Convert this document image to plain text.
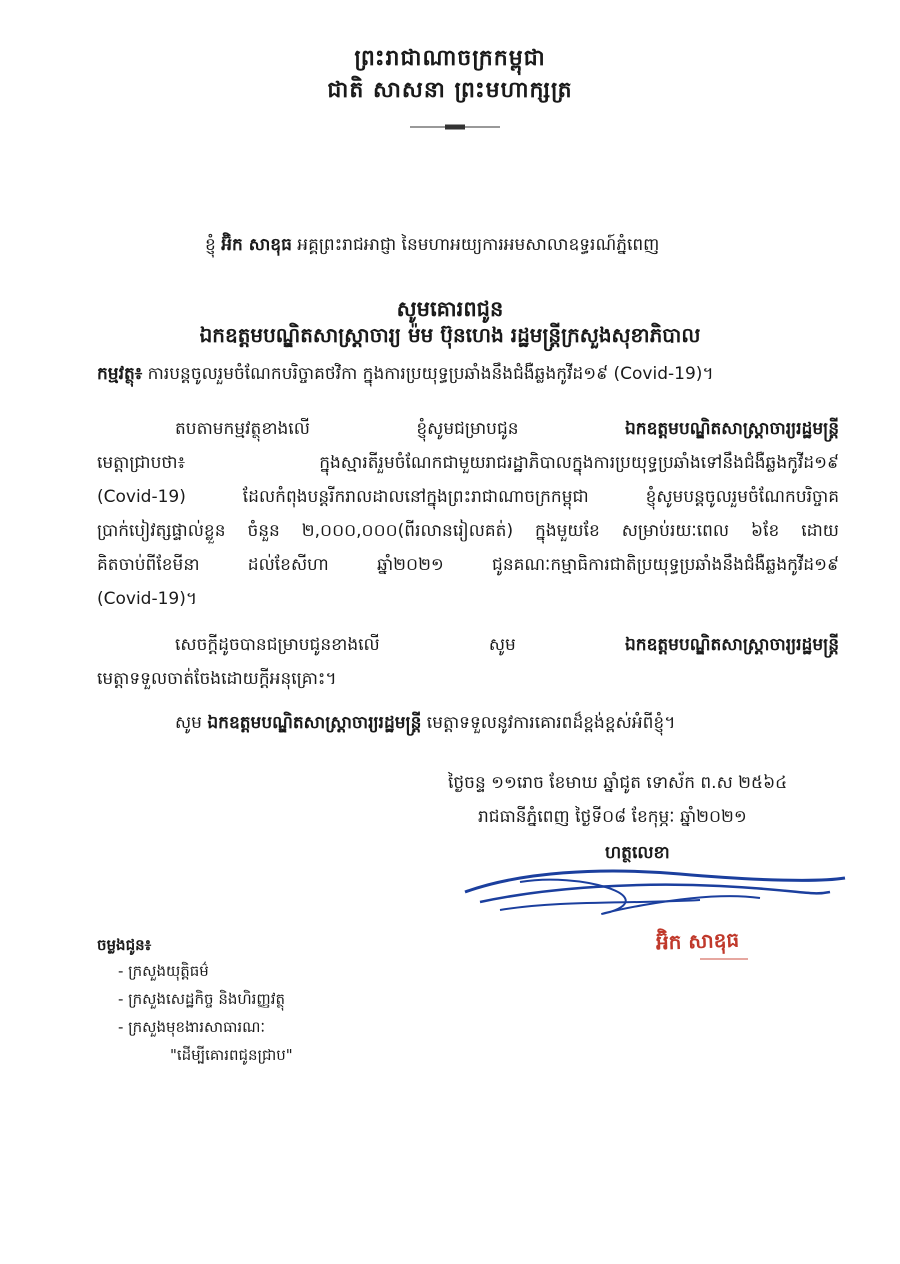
ព្រះរាជាណាចក្រកម្ពុជា
ជាតិ សាសនា ព្រះមហាក្សត្រ
ខ្ញុំ អ៊ិក សាឧុធ អគ្គព្រះរាជអាជ្ញា នៃមហាអយ្យការអមសាលាឧទ្ធរណ៍ភ្នំពេញ
សូមគោរពជូន
ឯកឧត្តមបណ្ឌិតសាស្ត្រាចារ្យ ម៉ម ប៊ុនហេង រដ្ឋមន្ត្រីក្រសួងសុខាភិបាល
កម្មវត្ថុ៖ ការបន្តចូលរួមចំណែកបរិច្ចាគថវិកា ក្នុងការប្រយុទ្ធប្រឆាំងនឹងជំងឺឆ្លងកូវីដ១៩ (Covid-19)។
តបតាមកម្មវត្ថុខាងលើ ខ្ញុំសូមជម្រាបជូន	ឯកឧត្តមបណ្ឌិតសាស្ត្រាចារ្យរដ្ឋមន្ត្រី
មេត្តាជ្រាបថា៖ ក្នុងស្មារតីរួមចំណែកជាមួយរាជរដ្ឋាភិបាលក្នុងការប្រយុទ្ធប្រឆាំងទៅនឹងជំងឺឆ្លងកូវីដ១៩
(Covid-19) ដែលកំពុងបន្តរីករាលដាលនៅក្នុងព្រះរាជាណាចក្រកម្ពុជា ខ្ញុំសូមបន្តចូលរួមចំណែកបរិច្ចាគ
ប្រាក់បៀវត្សផ្ទាល់ខ្លួន ចំនួន ២,០០០,០០០(ពីរលានរៀលគត់) ក្នុងមួយខែ សម្រាប់រយៈពេល ៦ខែ ដោយ
គិតចាប់ពីខែមីនា ដល់ខែសីហា ឆ្នាំ២០២១ ជូនគណៈកម្មាធិការជាតិប្រយុទ្ធប្រឆាំងនឹងជំងឺឆ្លងកូវីដ១៩
(Covid-19)។
សេចក្តីដូចបានជម្រាបជូនខាងលើ សូម	ឯកឧត្តមបណ្ឌិតសាស្ត្រាចារ្យរដ្ឋមន្ត្រី
មេត្តាទទួលចាត់ចែងដោយក្តីអនុគ្រោះ។
សូម ឯកឧត្តមបណ្ឌិតសាស្ត្រាចារ្យរដ្ឋមន្ត្រី មេត្តាទទួលនូវការគោរពដ៏ខ្ពង់ខ្ពស់អំពីខ្ញុំ។
ថ្ងៃចន្ទ ១១រោច ខែមាឃ ឆ្នាំជូត ទោស័ក ព.ស ២៥៦៤
រាជធានីភ្នំពេញ ថ្ងៃទី០៨ ខែកុម្ភៈ ឆ្នាំ២០២១
ហត្ថលេខា
អ៊ិក សាឧុធ
ចម្លងជូន៖
- ក្រសួងយុត្តិធម៌
- ក្រសួងសេដ្ឋកិច្ច និងហិរញ្ញវត្ថុ
- ក្រសួងមុខងារសាធារណៈ
"ដើម្បីគោរពជូនជ្រាប"
